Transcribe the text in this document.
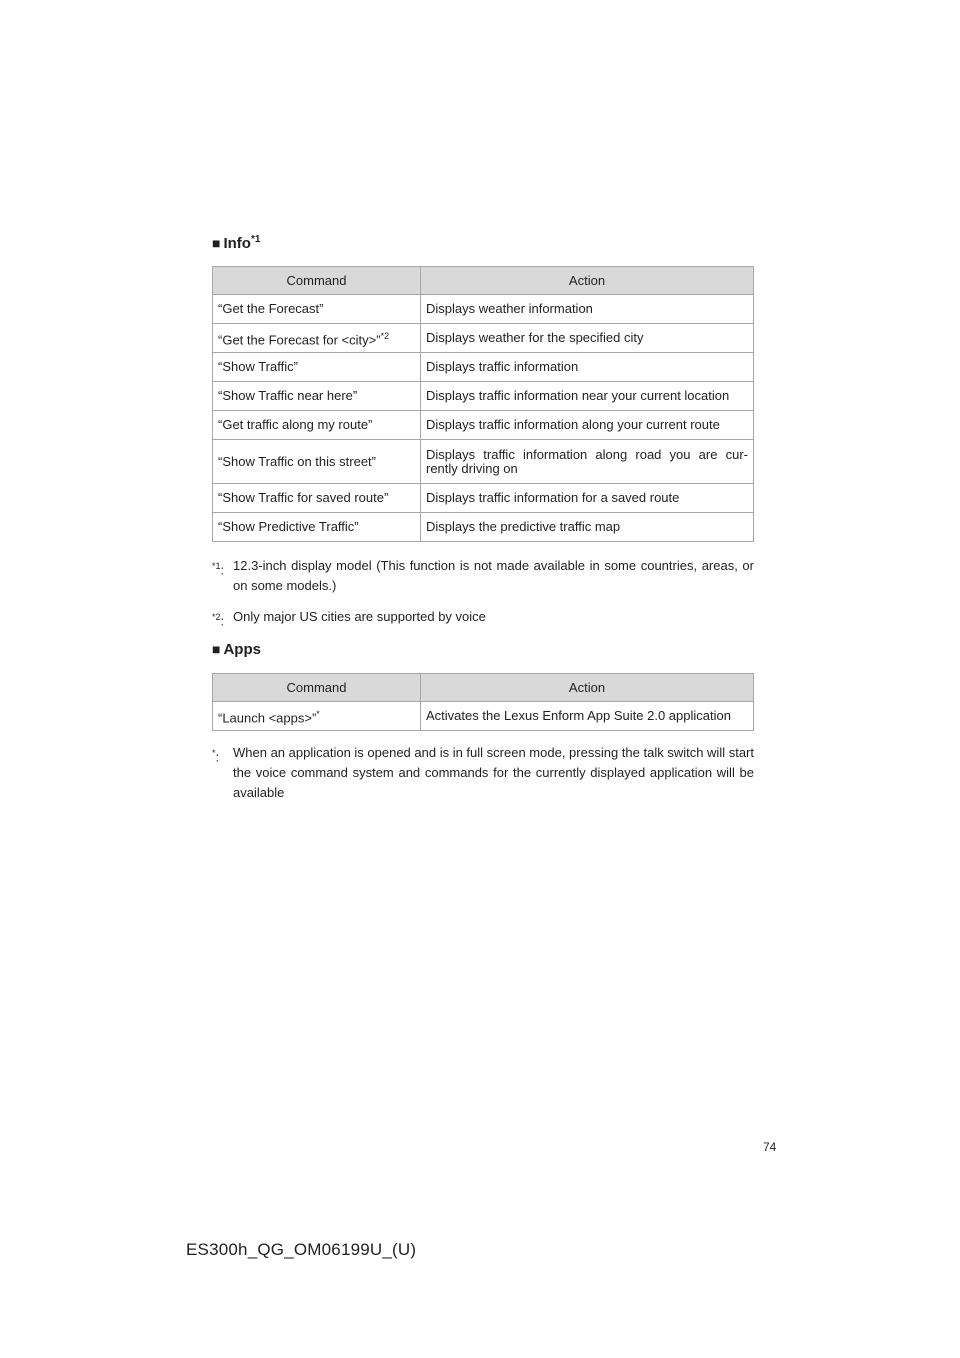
■ Info$^{*1}$
Command	Action
“Get the Forecast”	Displays weather information
“Get the Forecast for <city>”$^{*2}$	Displays weather for the specified city
“Show Traffic”	Displays traffic information
“Show Traffic near here”	Displays traffic information near your current location
“Get traffic along my route”	Displays traffic information along your current route
“Show Traffic on this street”	Displays traffic information along road you are cur-rently driving on
“Show Traffic for saved route”	Displays traffic information for a saved route
“Show Predictive Traffic”	Displays the predictive traffic map
$^{*1}$: 12.3-inch display model (This function is not made available in some countries, areas, or on some models.)
$^{*2}$: Only major US cities are supported by voice
■ Apps
Command	Action
“Launch <apps>”*	Activates the Lexus Enform App Suite 2.0 application
*:	When an application is opened and is in full screen mode, pressing the talk switch will start the voice command system and commands for the currently displayed application will be available
74
ES300h_QG_OM06199U_(U)
